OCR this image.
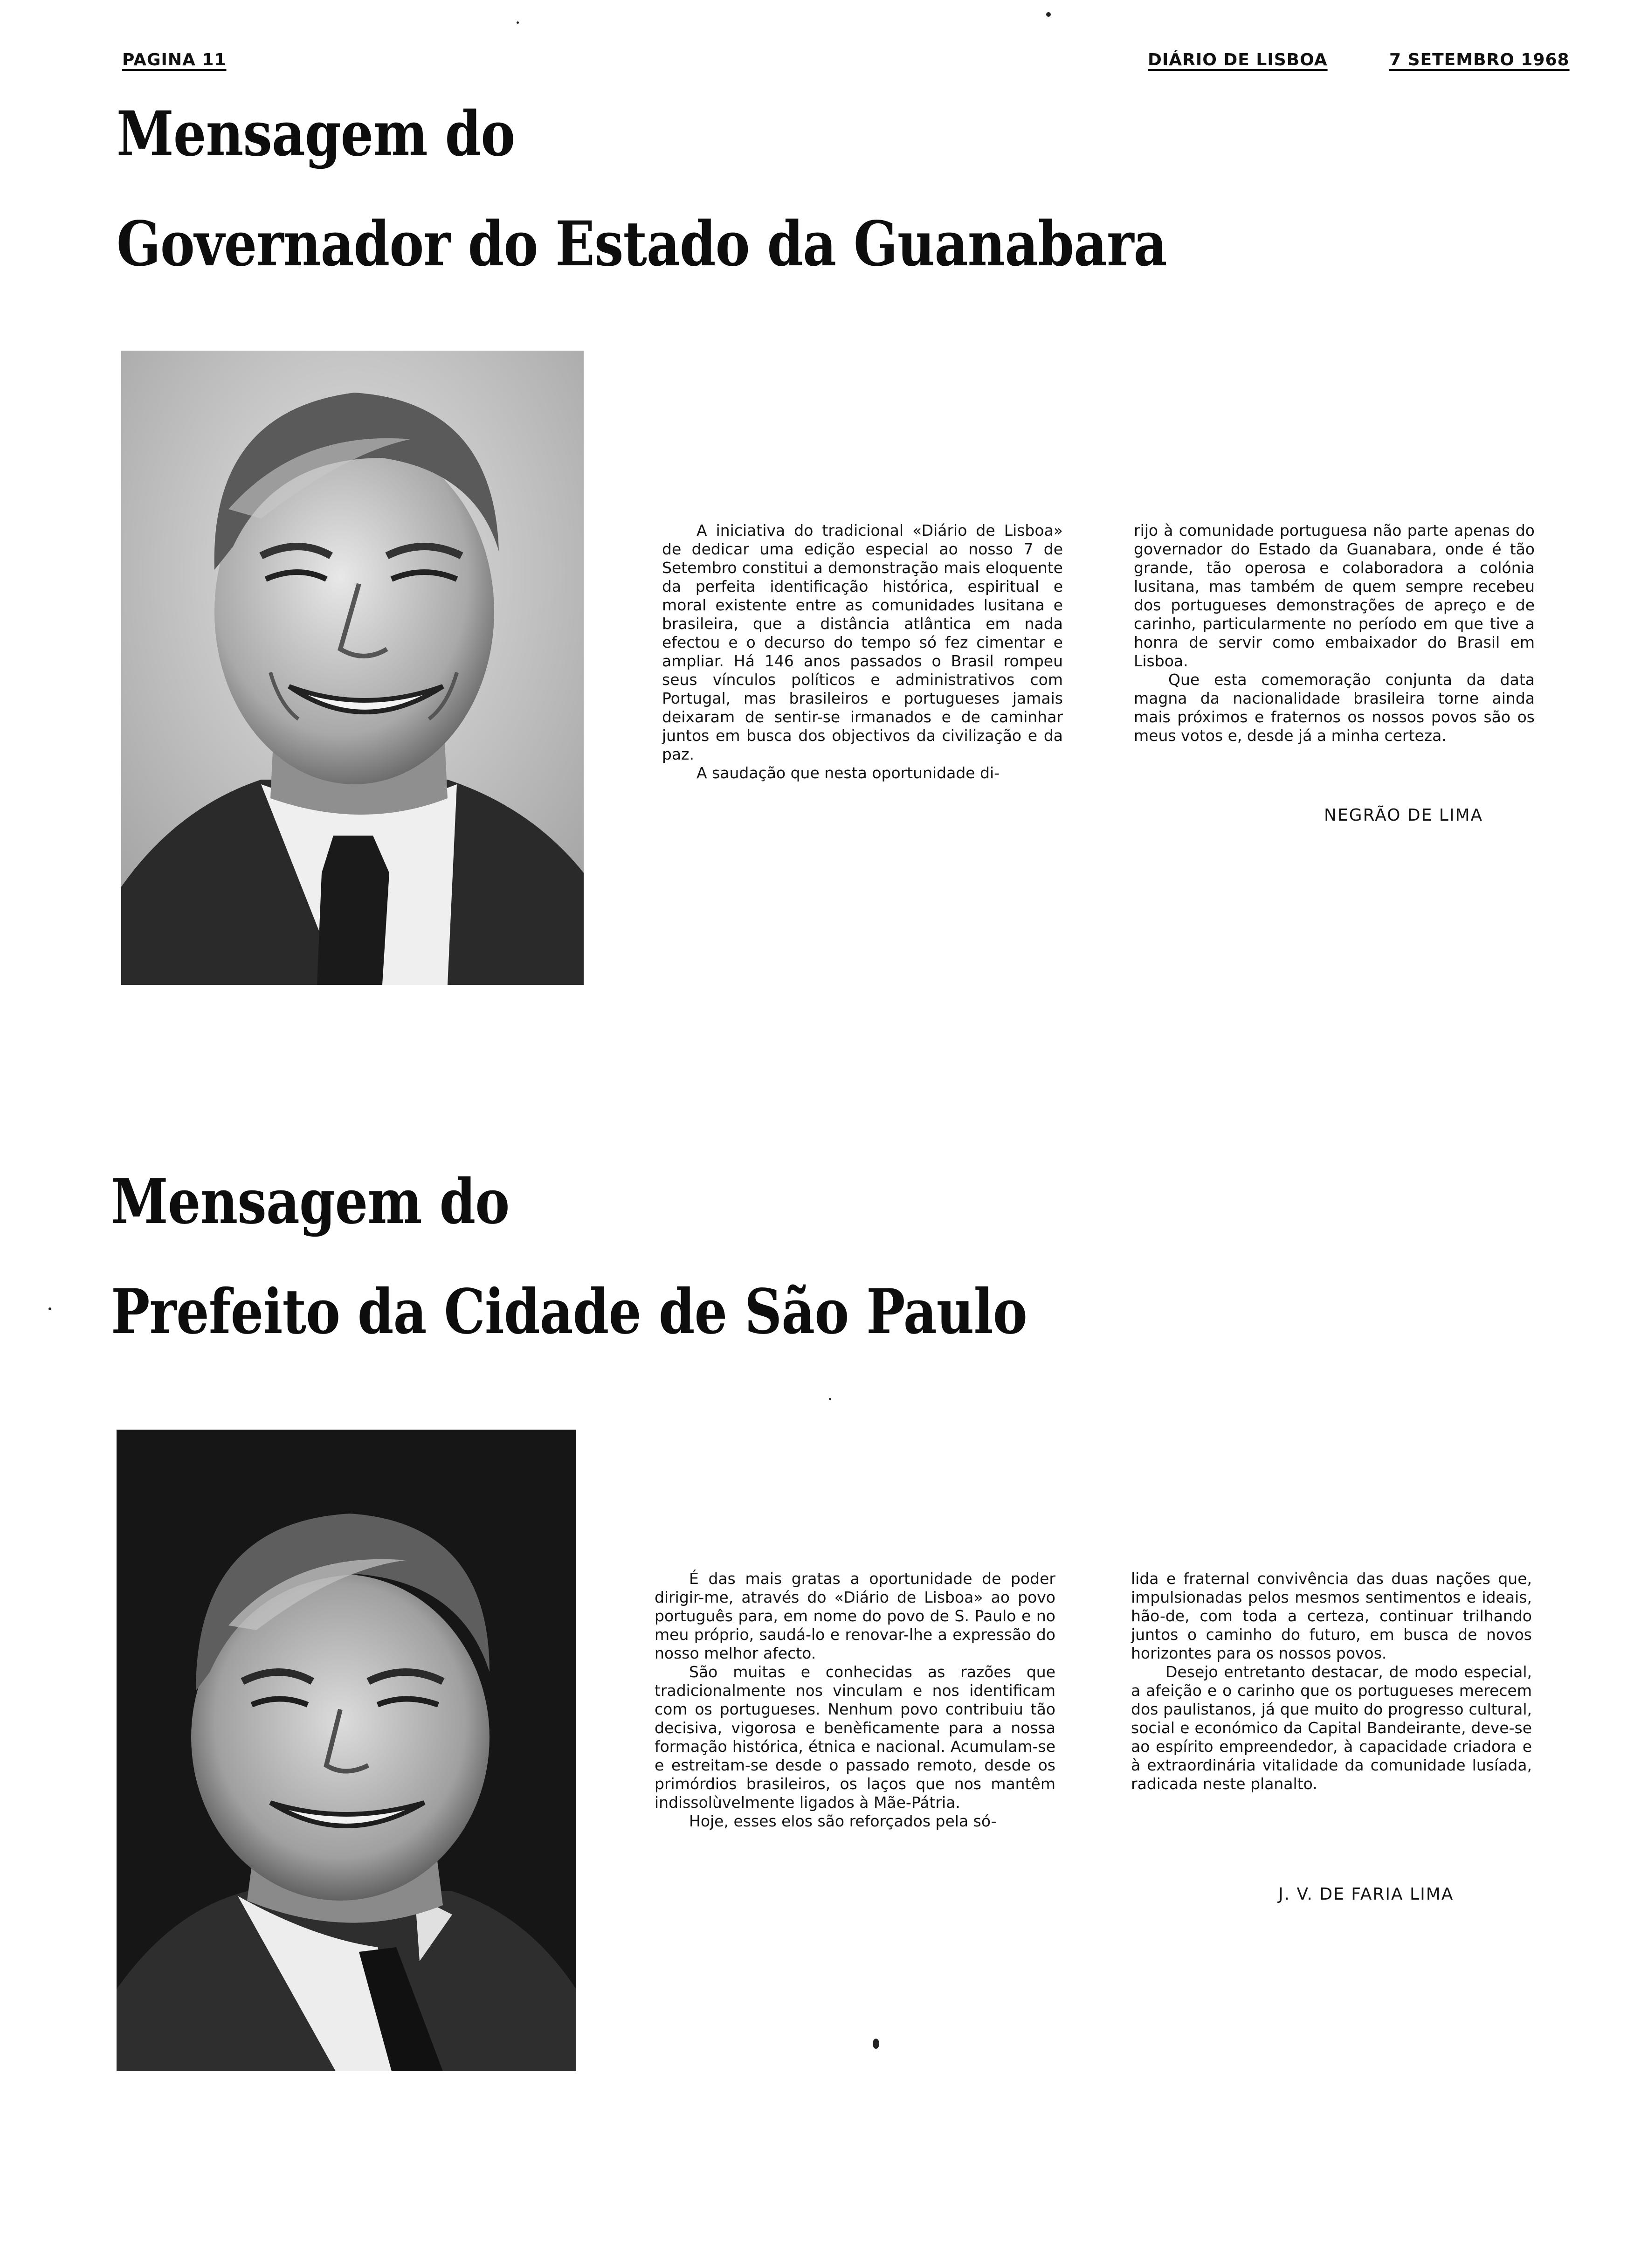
PAGINA 11	DIÁRIO DE LISBOA	7 SETEMBRO 1968
Mensagem do
Governador do Estado da Guanabara

A iniciativa do tradicional «Diário de Lisboa» de dedicar uma edição especial ao nosso 7 de Setembro constitui a demonstração mais eloquente da perfeita identificação histórica, espiritual e moral existente entre as comunidades lusitana e brasileira, que a distância atlântica em nada efectou e o decurso do tempo só fez cimentar e ampliar. Há 146 anos passados o Brasil rompeu seus vínculos políticos e administrativos com Portugal, mas brasileiros e portugueses jamais deixaram de sentir-se irmanados e de caminhar juntos em busca dos objectivos da civilização e da paz.

A saudação que nesta oportunidade di-

rijo à comunidade portuguesa não parte apenas do governador do Estado da Guanabara, onde é tão grande, tão operosa e colaboradora a colónia lusitana, mas também de quem sempre recebeu dos portugueses demonstrações de apreço e de carinho, particularmente no período em que tive a honra de servir como embaixador do Brasil em Lisboa.

Que esta comemoração conjunta da data magna da nacionalidade brasileira torne ainda mais próximos e fraternos os nossos povos são os meus votos e, desde já a minha certeza.

NEGRÃO DE LIMA
Mensagem do
Prefeito da Cidade de São Paulo

É das mais gratas a oportunidade de poder dirigir-me, através do «Diário de Lisboa» ao povo português para, em nome do povo de S. Paulo e no meu próprio, saudá-lo e renovar-lhe a expressão do nosso melhor afecto.

São muitas e conhecidas as razões que tradicionalmente nos vinculam e nos identificam com os portugueses. Nenhum povo contribuiu tão decisiva, vigorosa e benèficamente para a nossa formação histórica, étnica e nacional. Acumulam-se e estreitam-se desde o passado remoto, desde os primórdios brasileiros, os laços que nos mantêm indissolùvelmente ligados à Mãe-Pátria.

Hoje, esses elos são reforçados pela só-

lida e fraternal convivência das duas nações que, impulsionadas pelos mesmos sentimentos e ideais, hão-de, com toda a certeza, continuar trilhando juntos o caminho do futuro, em busca de novos horizontes para os nossos povos.

Desejo entretanto destacar, de modo especial, a afeição e o carinho que os portugueses merecem dos paulistanos, já que muito do progresso cultural, social e económico da Capital Bandeirante, deve-se ao espírito empreendedor, à capacidade criadora e à extraordinária vitalidade da comunidade lusíada, radicada neste planalto.

J. V. DE FARIA LIMA
